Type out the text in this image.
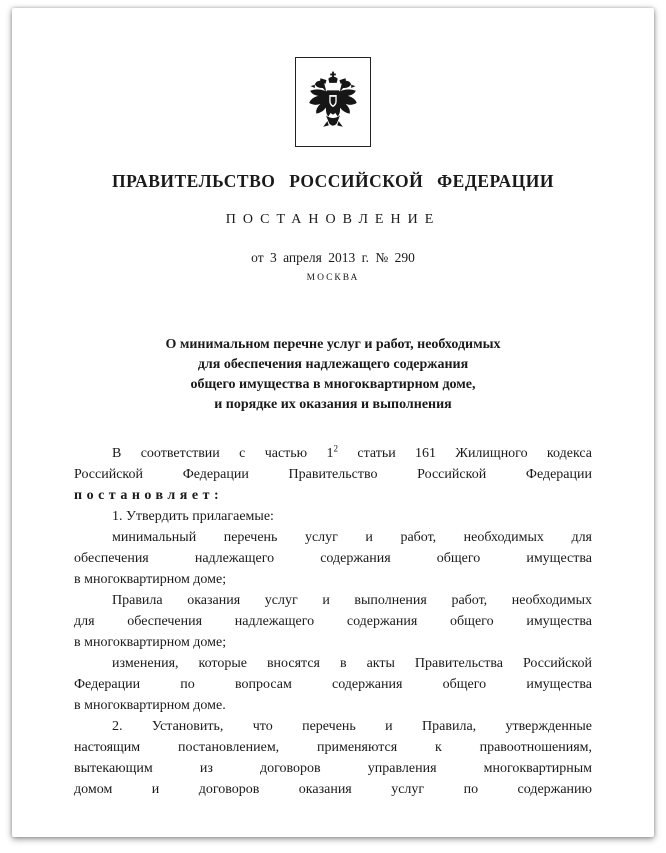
ПРАВИТЕЛЬСТВО РОССИЙСКОЙ ФЕДЕРАЦИИ
ПОСТАНОВЛЕНИЕ
от 3 апреля 2013 г. № 290
МОСКВА
О минимальном перечне услуг и работ, необходимых
для обеспечения надлежащего содержания
общего имущества в многоквартирном доме,
и порядке их оказания и выполнения
В соответствии с частью $1^2$ статьи 161 Жилищного кодекса
Российской Федерации Правительство Российской Федерации
постановляет:
1. Утвердить прилагаемые:
минимальный перечень услуг и работ, необходимых для
обеспечения надлежащего содержания общего имущества
в многоквартирном доме;
Правила оказания услуг и выполнения работ, необходимых
для обеспечения надлежащего содержания общего имущества
в многоквартирном доме;
изменения, которые вносятся в акты Правительства Российской
Федерации по вопросам содержания общего имущества
в многоквартирном доме.
2. Установить, что перечень и Правила, утвержденные
настоящим постановлением, применяются к правоотношениям,
вытекающим из договоров управления многоквартирным
домом и договоров оказания услуг по содержанию
